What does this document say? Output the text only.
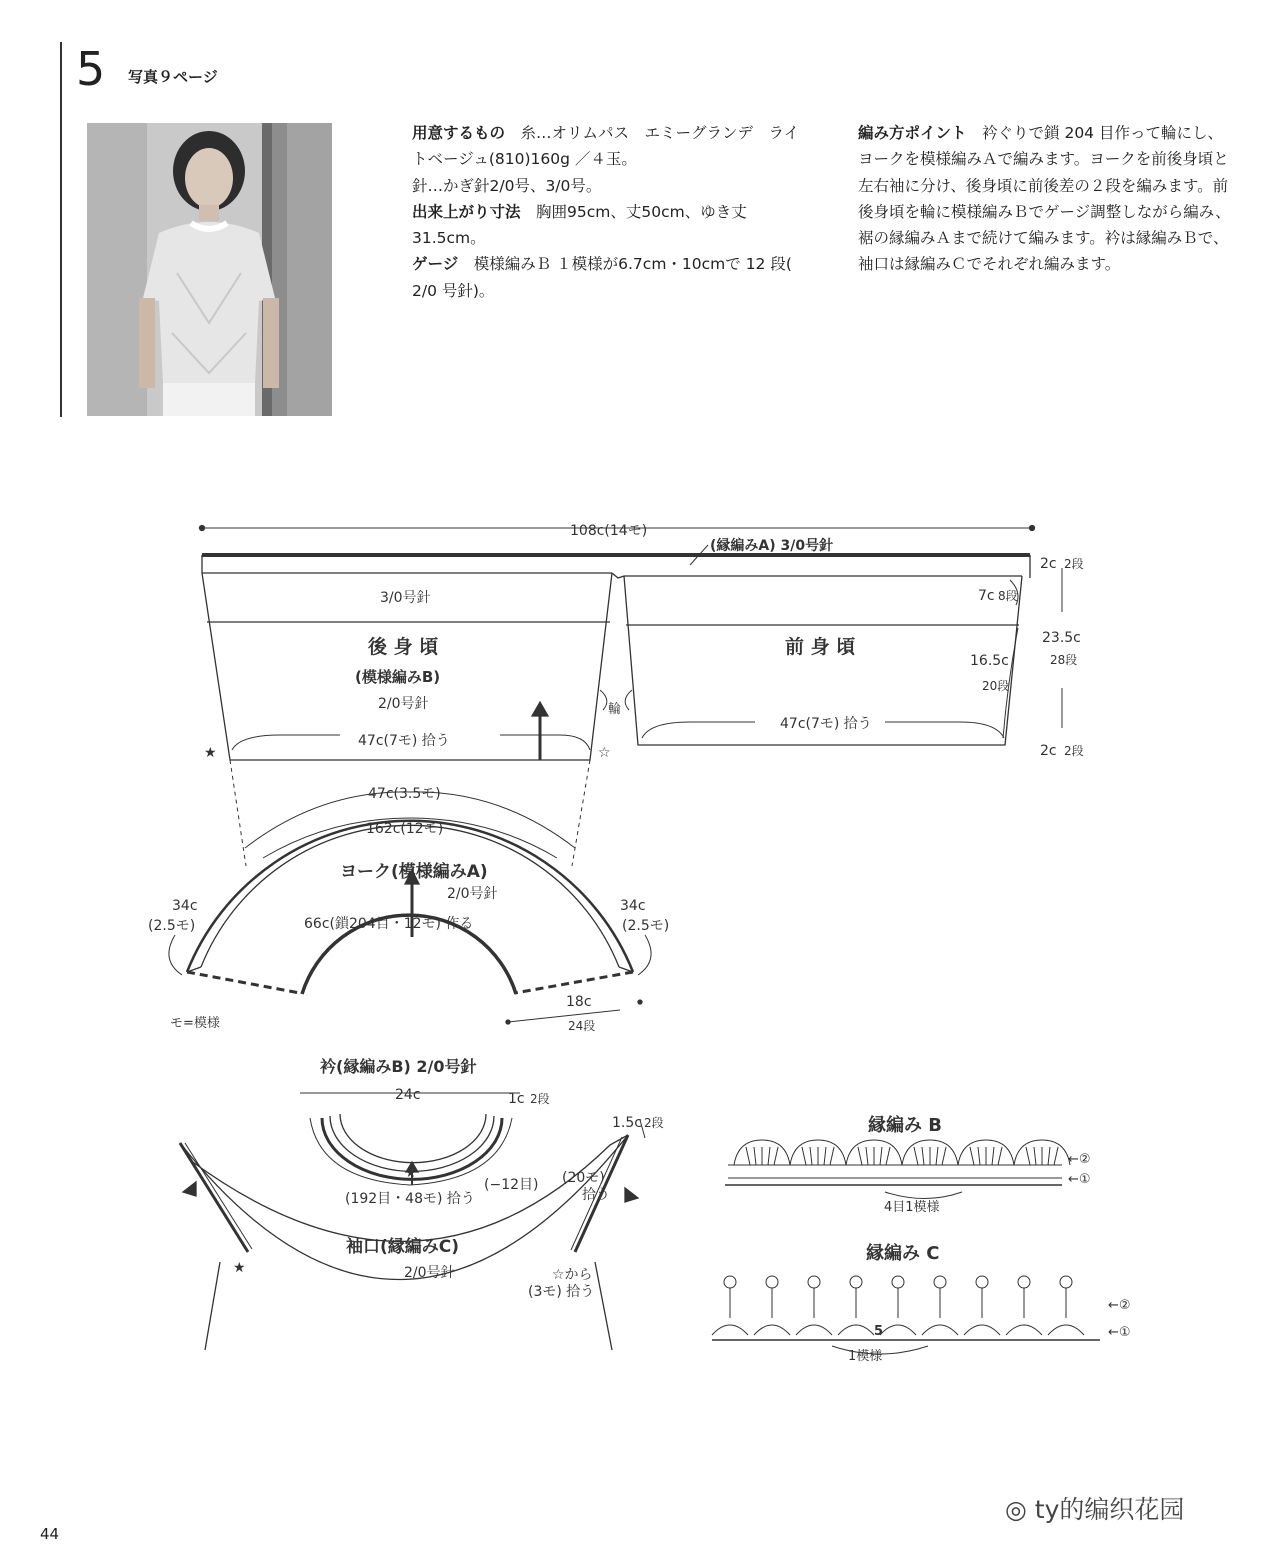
5 写真９ページ
用意するもの　 糸…オリムパス　エミーグランデ　ライトベージュ(810)160g ／４玉。
針…かぎ針2/0号、3/0号。
出来上がり寸法　 胸囲95cm、丈50cm、ゆき丈31.5cm。
ゲージ　 模様編みＢ １模様が6.7cm・10cmで 12 段( 2/0 号針)。
編み方ポイント　 衿ぐりで鎖 204 目作って輪にし、ヨークを模様編みＡで編みます。ヨークを前後身頃と左右袖に分け、後身頃に前後差の２段を編みます。前後身頃を輪に模様編みＢでゲージ調整しながら編み、裾の縁編みＡまで続けて編みます。衿は縁編みＢで、袖口は縁編みＣでそれぞれ編みます。
★	☆
★
★
108c(14モ)
(縁編みA) 3/0号針
3/0号針
後 身 頃
(模様編みB)
2/0号針
47c(7モ) 拾う
輪
前 身 頃
47c(7モ) 拾う
2c 2段
7c 8段
23.5c
28段
16.5c
20段
2c 2段
47c(3.5モ)
162c(12モ)
ヨーク(模様編みA)
2/0号針
66c(鎖204目・12モ) 作る
34c
(2.5モ)
34c
(2.5モ)
18c
24段
モ=模様
衿(縁編みB) 2/0号針
24c	1c 2段
(192目・48モ) 拾う
(−12目)
1.5c 2段
(20モ)
拾う
袖口(縁編みC)
2/0号針	☆から
(3モ) 拾う
縁編み B
←②
←①
4目1模様
縁編み C
←②
←①
5
1模様
44
◎ ty的编织花园
